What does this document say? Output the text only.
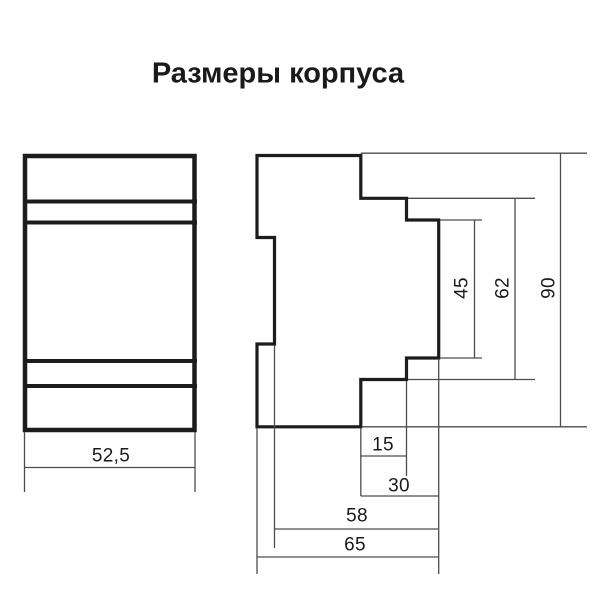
Размеры корпуса
52,5
45 62 90
15
30
58
65
